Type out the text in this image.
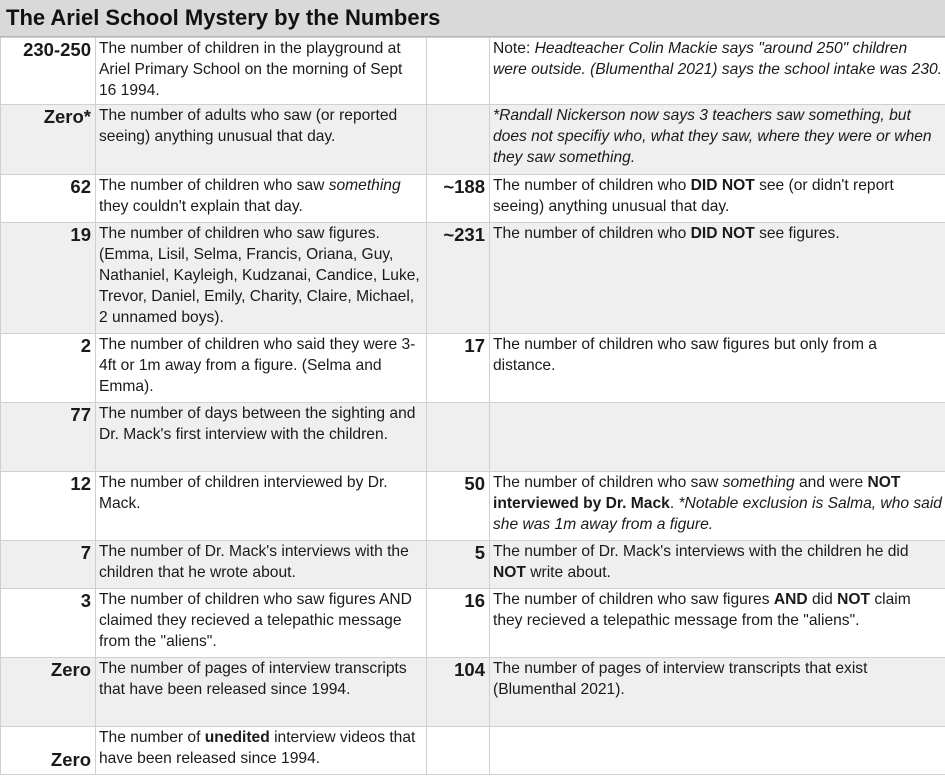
The Ariel School Mystery by the Numbers
230-250	The number of children in the playground at Ariel Primary School on the morning of Sept 16 1994.		Note: Headteacher Colin Mackie says "around 250" children were outside. (Blumenthal 2021) says the school intake was 230.
Zero*	The number of adults who saw (or reported seeing) anything unusual that day.		*Randall Nickerson now says 3 teachers saw something, but does not specifiy who, what they saw, where they were or when they saw something.
62	The number of children who saw something they couldn't explain that day.	~188	The number of children who DID NOT see (or didn't report seeing) anything unusual that day.
19	The number of children who saw figures. (Emma, Lisil, Selma, Francis, Oriana, Guy, Nathaniel, Kayleigh, Kudzanai, Candice, Luke, Trevor, Daniel, Emily, Charity, Claire, Michael, 2 unnamed boys).	~231	The number of children who DID NOT see figures.
2	The number of children who said they were 3-4ft or 1m away from a figure. (Selma and Emma).	17	The number of children who saw figures but only from a distance.
77	The number of days between the sighting and Dr. Mack's first interview with the children.		
12	The number of children interviewed by Dr. Mack.	50	The number of children who saw something and were NOT interviewed by Dr. Mack. *Notable exclusion is Salma, who said she was 1m away from a figure.
7	The number of Dr. Mack's interviews with the children that he wrote about.	5	The number of Dr. Mack's interviews with the children he did NOT write about.
3	The number of children who saw figures AND claimed they recieved a telepathic message from the "aliens".	16	The number of children who saw figures AND did NOT claim they recieved a telepathic message from the "aliens".
Zero	The number of pages of interview transcripts that have been released since 1994.	104	The number of pages of interview transcripts that exist (Blumenthal 2021).
Zero	The number of unedited interview videos that have been released since 1994.		
